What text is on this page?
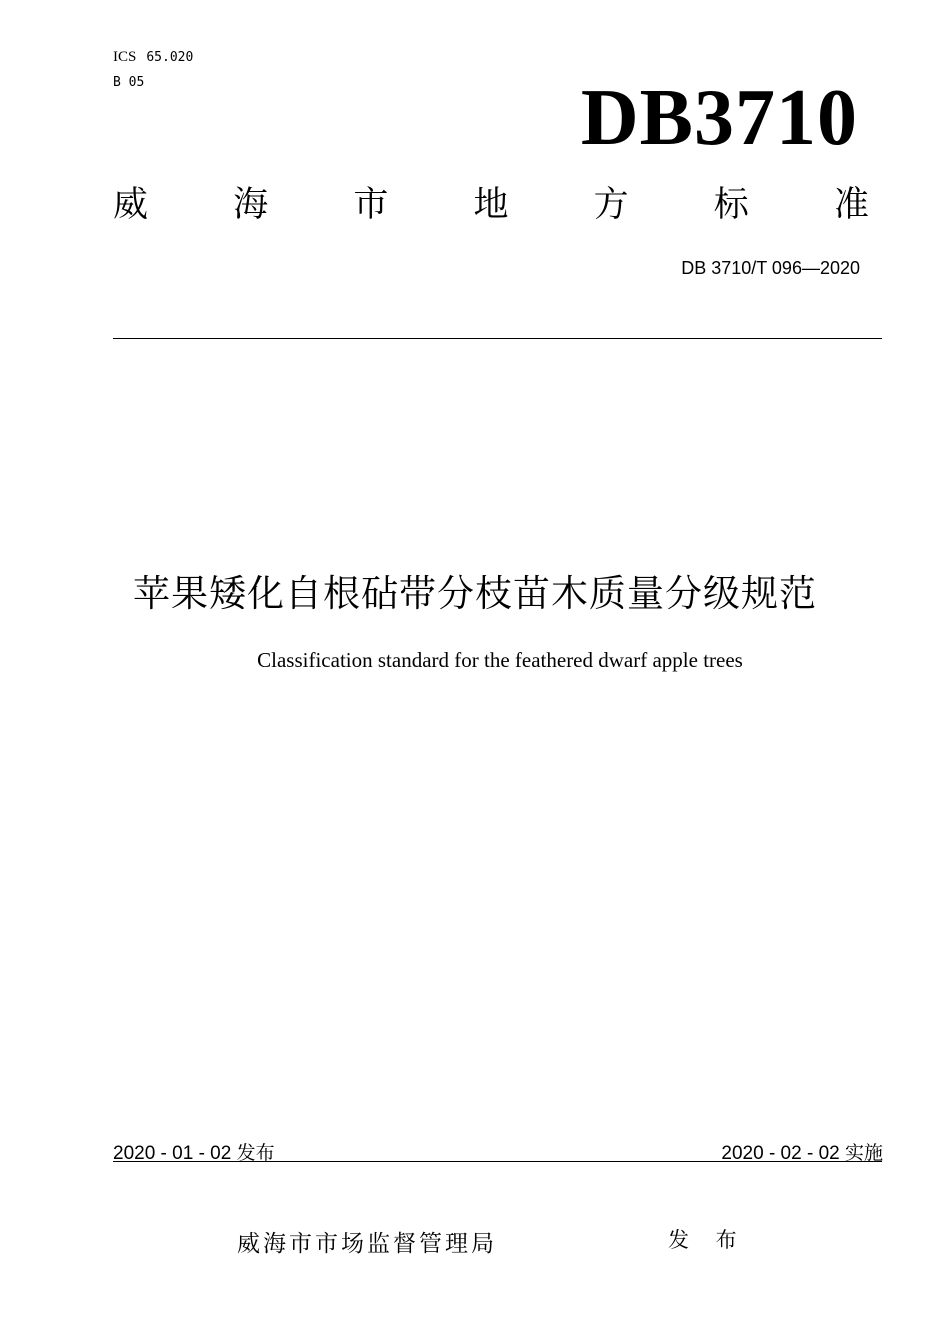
ICS 65.020
B 05	DB3710
威 海 市 地 方 标 准
DB 3710/T 096—2020
苹果矮化自根砧带分枝苗木质量分级规范
Classification standard for the feathered dwarf apple trees
2020 - 01 - 02 发布	2020 - 02 - 02 实施
威海市市场监督管理局	发 布
